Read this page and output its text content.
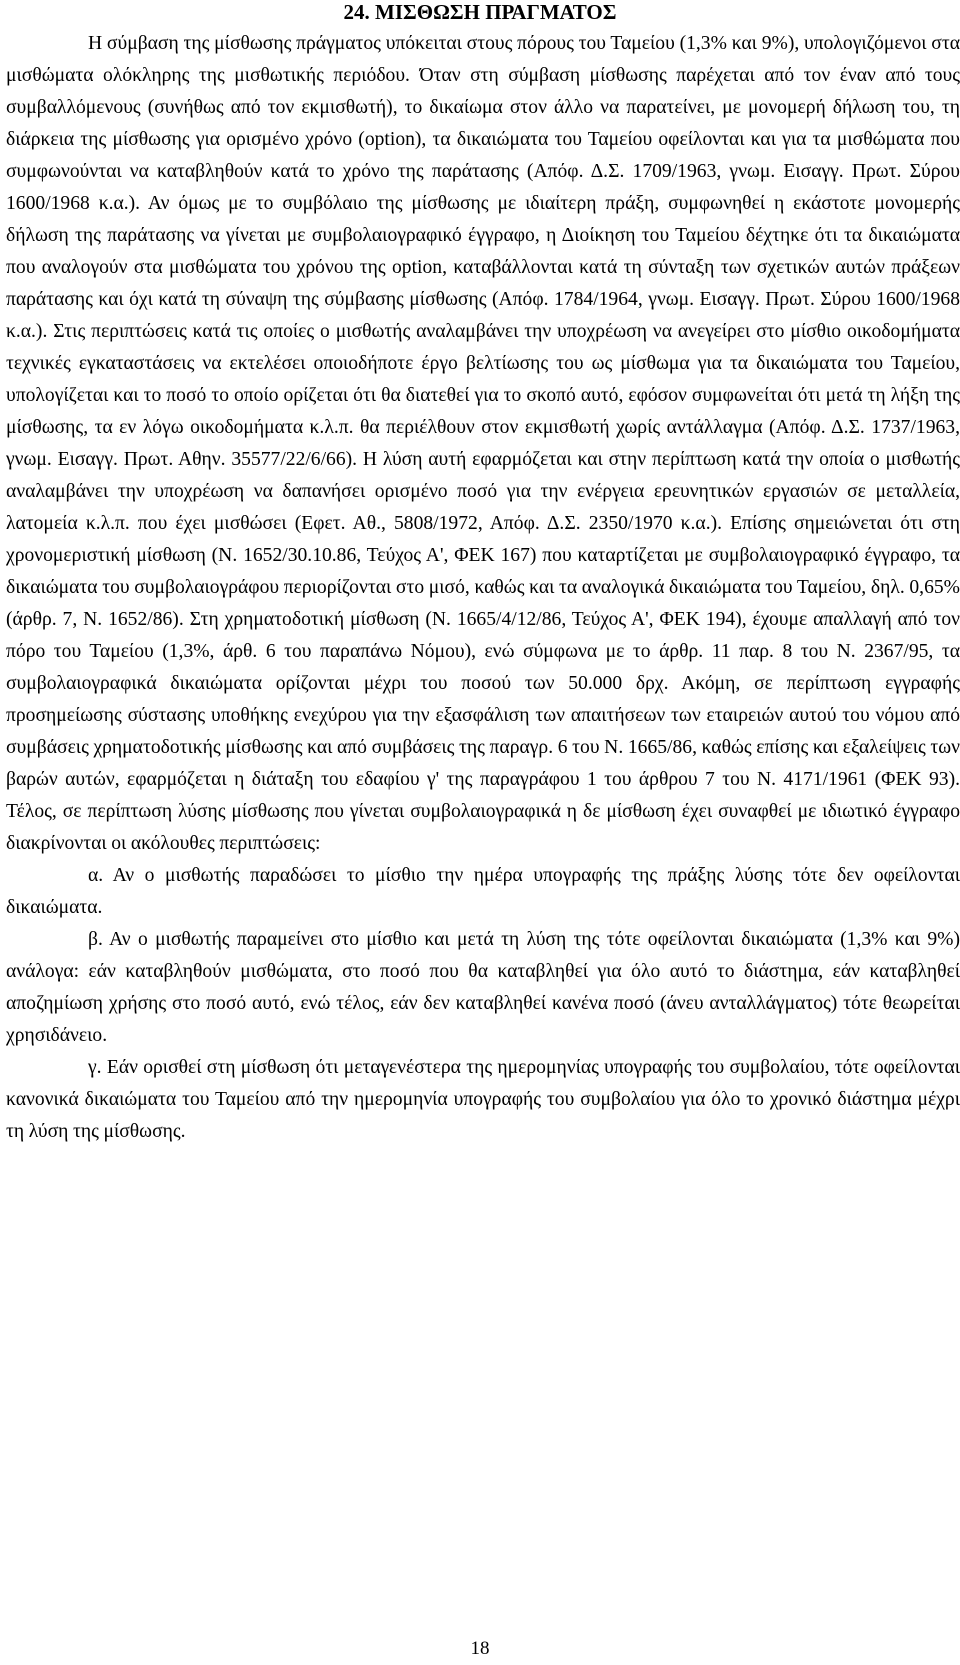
24. ΜΙΣΘΩΣΗ ΠΡΑΓΜΑΤΟΣ

Η σύμβαση της μίσθωσης πράγματος υπόκειται στους πόρους του Ταμείου (1,3% και 9%), υπολογιζόμενοι στα μισθώματα ολόκληρης της μισθωτικής περιόδου. Όταν στη σύμβαση μίσθωσης παρέχεται από τον έναν από τους συμβαλλόμενους (συνήθως από τον εκμισθωτή), το δικαίωμα στον άλλο να παρατείνει, με μονομερή δήλωση του, τη διάρκεια της μίσθωσης για ορισμένο χρόνο (option), τα δικαιώματα του Ταμείου οφείλονται και για τα μισθώματα που συμφωνούνται να καταβληθούν κατά το χρόνο της παράτασης (Απόφ. Δ.Σ. 1709/1963, γνωμ. Εισαγγ. Πρωτ. Σύρου 1600/1968 κ.α.). Αν όμως με το συμβόλαιο της μίσθωσης με ιδιαίτερη πράξη, συμφωνηθεί η εκάστοτε μονομερής δήλωση της παράτασης να γίνεται με συμβολαιογραφικό έγγραφο, η Διοίκηση του Ταμείου δέχτηκε ότι τα δικαιώματα που αναλογούν στα μισθώματα του χρόνου της option, καταβάλλονται κατά τη σύνταξη των σχετικών αυτών πράξεων παράτασης και όχι κατά τη σύναψη της σύμβασης μίσθωσης (Απόφ. 1784/1964, γνωμ. Εισαγγ. Πρωτ. Σύρου 1600/1968 κ.α.). Στις περιπτώσεις κατά τις οποίες ο μισθωτής αναλαμβάνει την υποχρέωση να ανεγείρει στο μίσθιο οικοδομήματα τεχνικές εγκαταστάσεις να εκτελέσει οποιοδήποτε έργο βελτίωσης του ως μίσθωμα για τα δικαιώματα του Ταμείου, υπολογίζεται και το ποσό το οποίο ορίζεται ότι θα διατεθεί για το σκοπό αυτό, εφόσον συμφωνείται ότι μετά τη λήξη της μίσθωσης, τα εν λόγω οικοδομήματα κ.λ.π. θα περιέλθουν στον εκμισθωτή χωρίς αντάλλαγμα (Απόφ. Δ.Σ. 1737/1963, γνωμ. Εισαγγ. Πρωτ. Αθην. 35577/22/6/66). Η λύση αυτή εφαρμόζεται και στην περίπτωση κατά την οποία ο μισθωτής αναλαμβάνει την υποχρέωση να δαπανήσει ορισμένο ποσό για την ενέργεια ερευνητικών εργασιών σε μεταλλεία, λατομεία κ.λ.π. που έχει μισθώσει (Εφετ. Αθ., 5808/1972, Απόφ. Δ.Σ. 2350/1970 κ.α.). Επίσης σημειώνεται ότι στη χρονομεριστική μίσθωση (Ν. 1652/30.10.86, Τεύχος Α', ΦΕΚ 167) που καταρτίζεται με συμβολαιογραφικό έγγραφο, τα δικαιώματα του συμβολαιογράφου περιορίζονται στο μισό, καθώς και τα αναλογικά δικαιώματα του Ταμείου, δηλ. 0,65% (άρθρ. 7, Ν. 1652/86). Στη χρηματοδοτική μίσθωση (Ν. 1665/4/12/86, Τεύχος Α', ΦΕΚ 194), έχουμε απαλλαγή από τον πόρο του Ταμείου (1,3%, άρθ. 6 του παραπάνω Νόμου), ενώ σύμφωνα με το άρθρ. 11 παρ. 8 του Ν. 2367/95, τα συμβολαιογραφικά δικαιώματα ορίζονται μέχρι του ποσού των 50.000 δρχ. Ακόμη, σε περίπτωση εγγραφής προσημείωσης σύστασης υποθήκης ενεχύρου για την εξασφάλιση των απαιτήσεων των εταιρειών αυτού του νόμου από συμβάσεις χρηματοδοτικής μίσθωσης και από συμβάσεις της παραγρ. 6 του Ν. 1665/86, καθώς επίσης και εξαλείψεις των βαρών αυτών, εφαρμόζεται η διάταξη του εδαφίου γ' της παραγράφου 1 του άρθρου 7 του Ν. 4171/1961 (ΦΕΚ 93). Τέλος, σε περίπτωση λύσης μίσθωσης που γίνεται συμβολαιογραφικά η δε μίσθωση έχει συναφθεί με ιδιωτικό έγγραφο διακρίνονται οι ακόλουθες περιπτώσεις:

α. Αν ο μισθωτής παραδώσει το μίσθιο την ημέρα υπογραφής της πράξης λύσης τότε δεν οφείλονται δικαιώματα.

β. Αν ο μισθωτής παραμείνει στο μίσθιο και μετά τη λύση της τότε οφείλονται δικαιώματα (1,3% και 9%) ανάλογα: εάν καταβληθούν μισθώματα, στο ποσό που θα καταβληθεί για όλο αυτό το διάστημα, εάν καταβληθεί αποζημίωση χρήσης στο ποσό αυτό, ενώ τέλος, εάν δεν καταβληθεί κανένα ποσό (άνευ ανταλλάγματος) τότε θεωρείται χρησιδάνειο.

γ. Εάν ορισθεί στη μίσθωση ότι μεταγενέστερα της ημερομηνίας υπογραφής του συμβολαίου, τότε οφείλονται κανονικά δικαιώματα του Ταμείου από την ημερομηνία υπογραφής του συμβολαίου για όλο το χρονικό διάστημα μέχρι τη λύση της μίσθωσης.

18
